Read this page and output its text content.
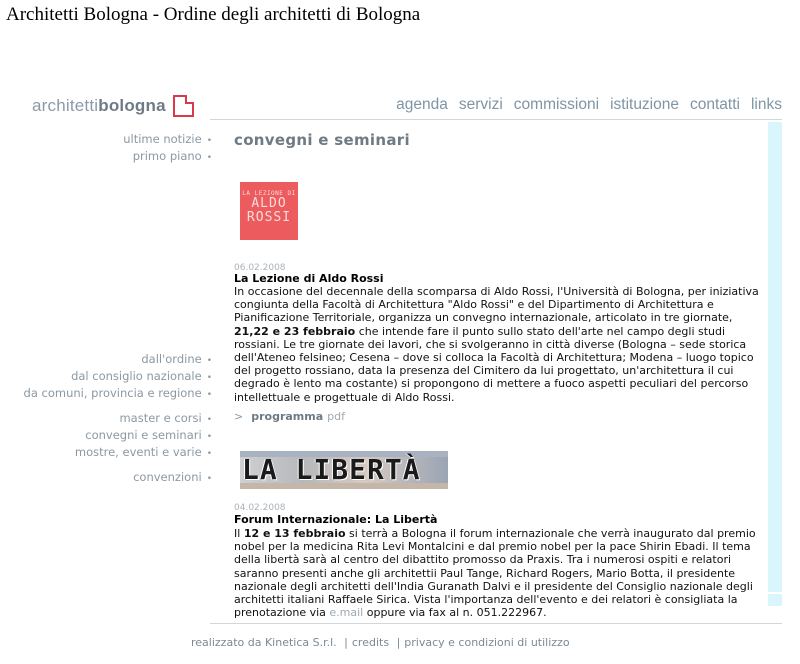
Architetti Bologna - Ordine degli architetti di Bologna
architetti bologna	agenda servizi commissioni istituzione contatti links
ultime notizie •
primo piano •
dall'ordine •
dal consiglio nazionale •
da comuni, provincia e regione •
master e corsi •
convegni e seminari •
mostre, eventi e varie •
convenzioni •
convegni e seminari
LA LEZIONE DI
ALDO
ROSSI
06.02.2008
La Lezione di Aldo Rossi
In occasione del decennale della scomparsa di Aldo Rossi, l'Università di Bologna, per iniziativa congiunta della Facoltà di Architettura "Aldo Rossi" e del Dipartimento di Architettura e Pianificazione Territoriale, organizza un convegno internazionale, articolato in tre giornate, 21,22 e 23 febbraio che intende fare il punto sullo stato dell'arte nel campo degli studi rossiani. Le tre giornate dei lavori, che si svolgeranno in città diverse (Bologna – sede storica dell'Ateneo felsineo; Cesena – dove si colloca la Facoltà di Architettura; Modena – luogo topico del progetto rossiano, data la presenza del Cimitero da lui progettato, un'architettura il cui degrado è lento ma costante) si propongono di mettere a fuoco aspetti peculiari del percorso intellettuale e progettuale di Aldo Rossi.
> programma pdf
LA LIBERTÀ
04.02.2008
Forum Internazionale: La Libertà
Il 12 e 13 febbraio si terrà a Bologna il forum internazionale che verrà inaugurato dal premio nobel per la medicina Rita Levi Montalcini e dal premio nobel per la pace Shirin Ebadi. Il tema della libertà sarà al centro del dibattito promosso da Praxis. Tra i numerosi ospiti e relatori saranno presenti anche gli architettii Paul Tange, Richard Rogers, Mario Botta, il presidente nazionale degli architetti dell'India Guranath Dalvi e il presidente del Consiglio nazionale degli architetti italiani Raffaele Sirica. Vista l'importanza dell'evento e dei relatori è consigliata la prenotazione via e.mail oppure via fax al n. 051.222967.
realizzato da Kinetica S.r.l. | credits | privacy e condizioni di utilizzo
